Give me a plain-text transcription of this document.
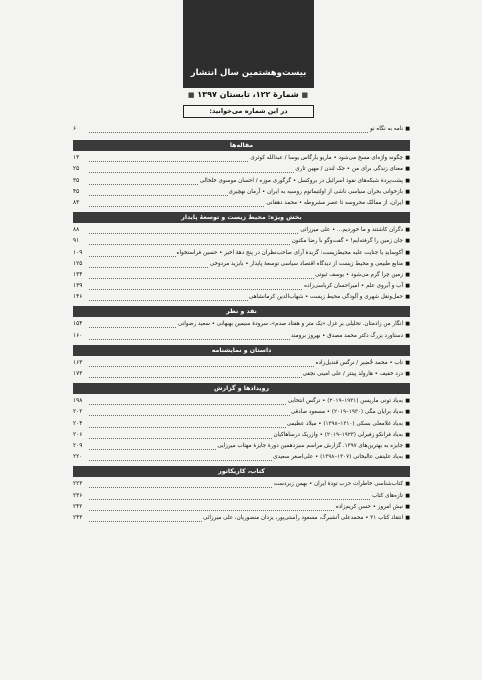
بیست‌وهشتمین سال انتشار
■ شمارهٔ ۱۲۲، تابستان ۱۳۹۷ ■
در این شماره می‌خوانید:
■
نامه به نگاه نو
۶
مقاله‌ها
■
چگونه واژه‌ای مسخ می‌شود • ماریو بارگاس یوسا / عبدالله کوثری
۱۳
■
معنای زندگی برای من • جک لندن / مهین تاری
۲۵
■
پشت‌پردهٔ شبکه‌های نفوذ اسرائیل در بروکسل • گرگوری موزه / احسان موسوی خلخالی
۳۵
■
بازخوانی بحران سیاسی ناشی از اولتیماتوم روسیه به ایران • آرمان نهچیری
۴۵
■
ایران، از ممالک محروسه تا عصر مشروطه • محمد دهقانی
۸۳
بخش ویژه: محیط زیست و توسعهٔ پایدار
■
دگران کاشتند و ما خوردیم... • علی میرزائی
۸۸
■
جان زمین را گرفته‌ایم! • گفت‌وگو با رضا مکنون
۹۱
■
آکوسایدِ یا جنایت علیه محیط‌زیست: گزیدهٔ آرای صاحب‌نظران در پنج دههٔ اخیر • حسین فراستخواه
۱۰۹
■
منابع طبیعی و محیط زیست از دیدگاه اقتصاد سیاسی توسعهٔ پایدار • بابزید مردوخی
۱۲۵
■
زمین چرا گرم می‌شود • یوسف ثبوتی
۱۳۴
■
آب و آبروی علم • امیراحسان کرباسی‌زاده
۱۳۹
■
حمل‌ونقل شهری و آلودگی محیط زیست • شهاب‌الدین کرمانشاهی
۱۴۶
نقد و نظر
■
انگار من زادمتان. تحلیلی بر غزل «یک متر و هفتاد صدم»، سرودهٔ سیمین بهبهانی • سعید رضوانی
۱۵۴
■
دستاورد بزرگ دکتر محمد مصدق • بهروز برومند
۱۶۰
داستان و نمایشنامه
■
تاب • محمد خُضیر / نرگس قندیل‌زاده
۱۶۳
■
درد خفیف • هارولد پینتر / علی امینی نجفی
۱۷۳
رویدادها و گزارش
■
به‌یاد تونی ماریسن (۱۹۳۱–۲۰۱۹) • نرگس انتخابی
۱۹۸
■
به‌یاد برایان مگی (۱۹۳۰–۲۰۱۹) • مسعود صادقی
۲۰۲
■
به‌یاد غلامعلی بسکی (۱۳۱۰–۱۳۹۸) • میلاد عظیمی
۲۰۴
■
به‌یاد فرانکو زفیرلی (۱۹۲۳–۲۰۱۹) • وازریک درساهاکیان
۲۰۶
■
جایزه به بهترین‌های ۱۳۹۷. گزارش مراسم سیزدهمین دورهٔ جایزهٔ مهتاب میرزایی
۲۰۹
■
به‌یاد علینقی عالیخانی (۱۳۰۷–۱۳۹۸) • علی‌اصغر سعیدی
۲۲۰
کتاب، کاریکاتور
■
کتاب‌شناسی خاطرات حزب تودهٔ ایران • بهمن زبردست
۲۲۳
■
تازه‌های کتاب
۲۳۶
■
نیش امروز • حسن کریم‌زاده
۲۴۲
■
انتقاد کتاب ۳۱ • محمدعلی آتشبرگ، مسعود راستی‌پور، یزدان منصوریان، علی میرزائی
۲۴۳
